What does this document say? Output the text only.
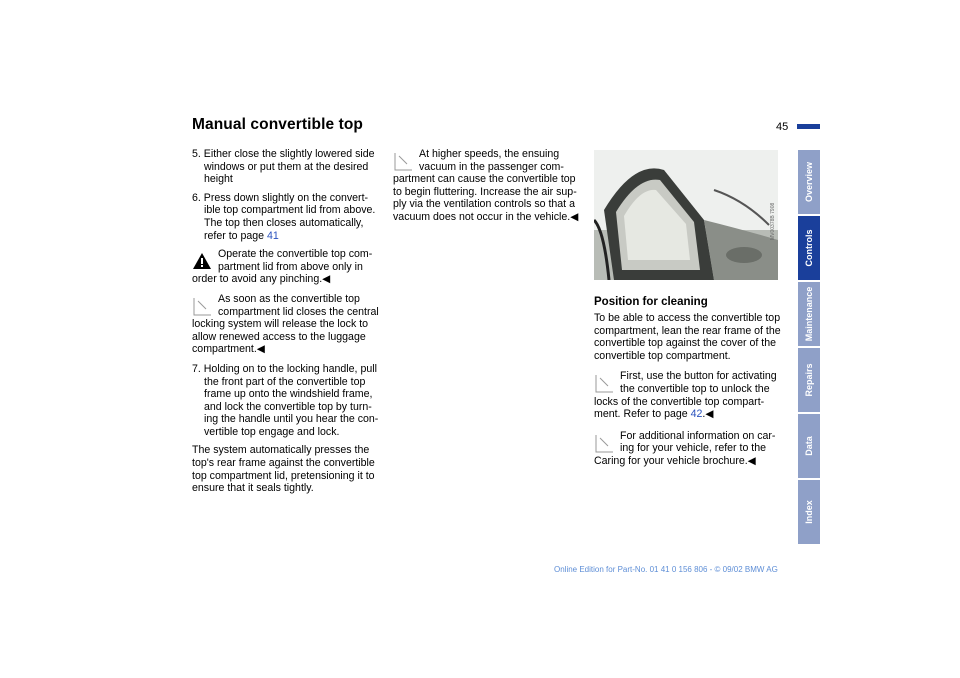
Manual convertible top	45

5. Either close the slightly lowered side windows or put them at the desired height

6. Press down slightly on the convert-ible top compartment lid from above. The top then closes automatically, refer to page 41

Operate the convertible top com-
partment lid from above only in
order to avoid any pinching.◀
As soon as the convertible top
compartment lid closes the central
locking system will release the lock to allow renewed access to the luggage compartment.◀

7. Holding on to the locking handle, pull the front part of the convertible top frame up onto the windshield frame, and lock the convertible top by turn-ing the handle until you hear the con-vertible top engage and lock.

The system automatically presses the top's rear frame against the convertible top compartment lid, pretensioning it to ensure that it seals tightly.

At higher speeds, the ensuing
vacuum in the passenger com-
partment can cause the convertible top to begin fluttering. Increase the air sup-ply via the ventilation controls so that a vacuum does not occur in the vehicle.◀	MV00378B 7908
Position for cleaning

To be able to access the convertible top compartment, lean the rear frame of the convertible top against the cover of the convertible top compartment.

First, use the button for activating
the convertible top to unlock the
locks of the convertible top compart-ment. Refer to page 42.◀
For additional information on car-
ing for your vehicle, refer to the
Caring for your vehicle brochure.◀
Overview
Controls
Maintenance
Repairs
Data
Index
Online Edition for Part-No. 01 41 0 156 806 - © 09/02 BMW AG
